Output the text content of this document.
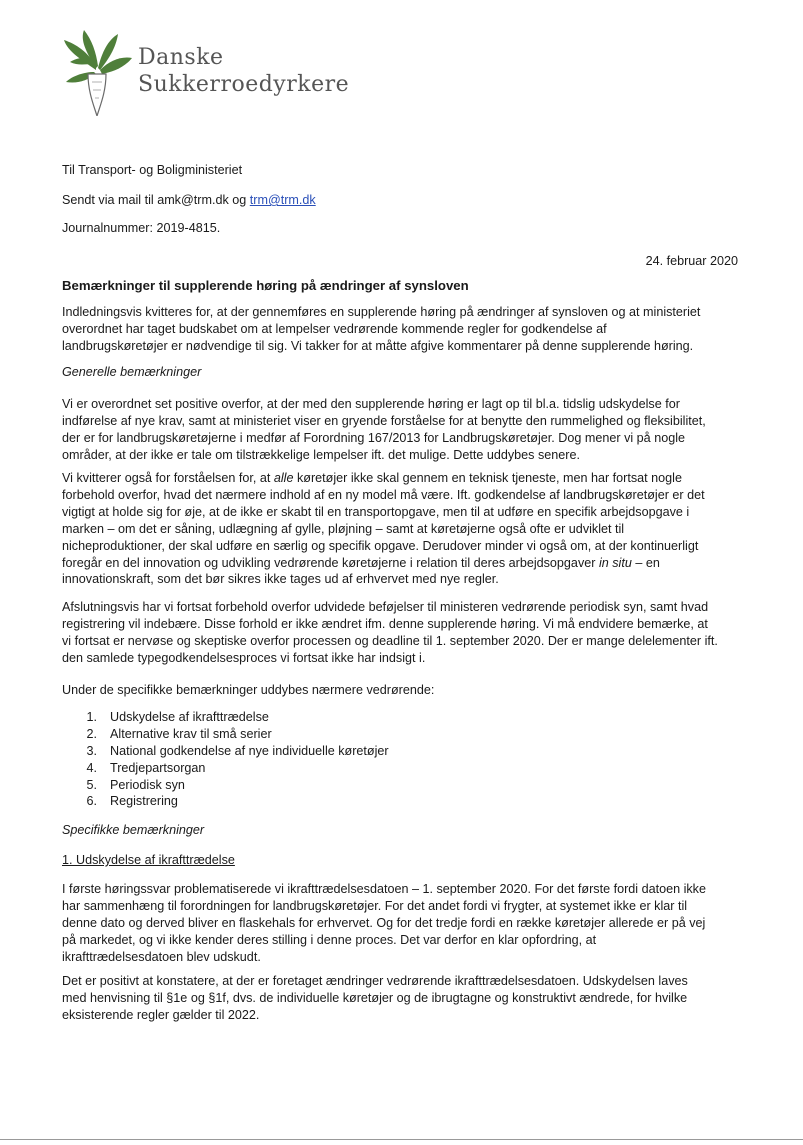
Danske
Sukkerroedyrkere
Til Transport- og Boligministeriet
Sendt via mail til amk@trm.dk og trm@trm.dk
Journalnummer: 2019-4815.
24. februar 2020
Bemærkninger til supplerende høring på ændringer af synsloven

Indledningsvis kvitteres for, at der gennemføres en supplerende høring på ændringer af synsloven og at ministeriet

overordnet har taget budskabet om at lempelser vedrørende kommende regler for godkendelse af

landbrugskøretøjer er nødvendige til sig. Vi takker for at måtte afgive kommentarer på denne supplerende høring.

Generelle bemærkninger

Vi er overordnet set positive overfor, at der med den supplerende høring er lagt op til bl.a. tidslig udskydelse for

indførelse af nye krav, samt at ministeriet viser en gryende forståelse for at benytte den rummelighed og fleksibilitet,

der er for landbrugskøretøjerne i medfør af Forordning 167/2013 for Landbrugskøretøjer. Dog mener vi på nogle

områder, at der ikke er tale om tilstrækkelige lempelser ift. det mulige. Dette uddybes senere.

Vi kvitterer også for forståelsen for, at alle køretøjer ikke skal gennem en teknisk tjeneste, men har fortsat nogle

forbehold overfor, hvad det nærmere indhold af en ny model må være. Ift. godkendelse af landbrugskøretøjer er det

vigtigt at holde sig for øje, at de ikke er skabt til en transportopgave, men til at udføre en specifik arbejdsopgave i

marken – om det er såning, udlægning af gylle, pløjning – samt at køretøjerne også ofte er udviklet til

nicheproduktioner, der skal udføre en særlig og specifik opgave. Derudover minder vi også om, at der kontinuerligt

foregår en del innovation og udvikling vedrørende køretøjerne i relation til deres arbejdsopgaver in situ – en

innovationskraft, som det bør sikres ikke tages ud af erhvervet med nye regler.

Afslutningsvis har vi fortsat forbehold overfor udvidede beføjelser til ministeren vedrørende periodisk syn, samt hvad

registrering vil indebære. Disse forhold er ikke ændret ifm. denne supplerende høring. Vi må endvidere bemærke, at

vi fortsat er nervøse og skeptiske overfor processen og deadline til 1. september 2020. Der er mange delelementer ift.

den samlede typegodkendelsesproces vi fortsat ikke har indsigt i.

Under de specifikke bemærkninger uddybes nærmere vedrørende:
1. Udskydelse af ikrafttrædelse
2. Alternative krav til små serier
3. National godkendelse af nye individuelle køretøjer
4. Tredjepartsorgan
5. Periodisk syn
6. Registrering
Specifikke bemærkninger
1. Udskydelse af ikrafttrædelse

I første høringssvar problematiserede vi ikrafttrædelsesdatoen – 1. september 2020. For det første fordi datoen ikke

har sammenhæng til forordningen for landbrugskøretøjer. For det andet fordi vi frygter, at systemet ikke er klar til

denne dato og derved bliver en flaskehals for erhvervet. Og for det tredje fordi en række køretøjer allerede er på vej

på markedet, og vi ikke kender deres stilling i denne proces. Det var derfor en klar opfordring, at

ikrafttrædelsesdatoen blev udskudt.

Det er positivt at konstatere, at der er foretaget ændringer vedrørende ikrafttrædelsesdatoen. Udskydelsen laves

med henvisning til §1e og §1f, dvs. de individuelle køretøjer og de ibrugtagne og konstruktivt ændrede, for hvilke

eksisterende regler gælder til 2022.
